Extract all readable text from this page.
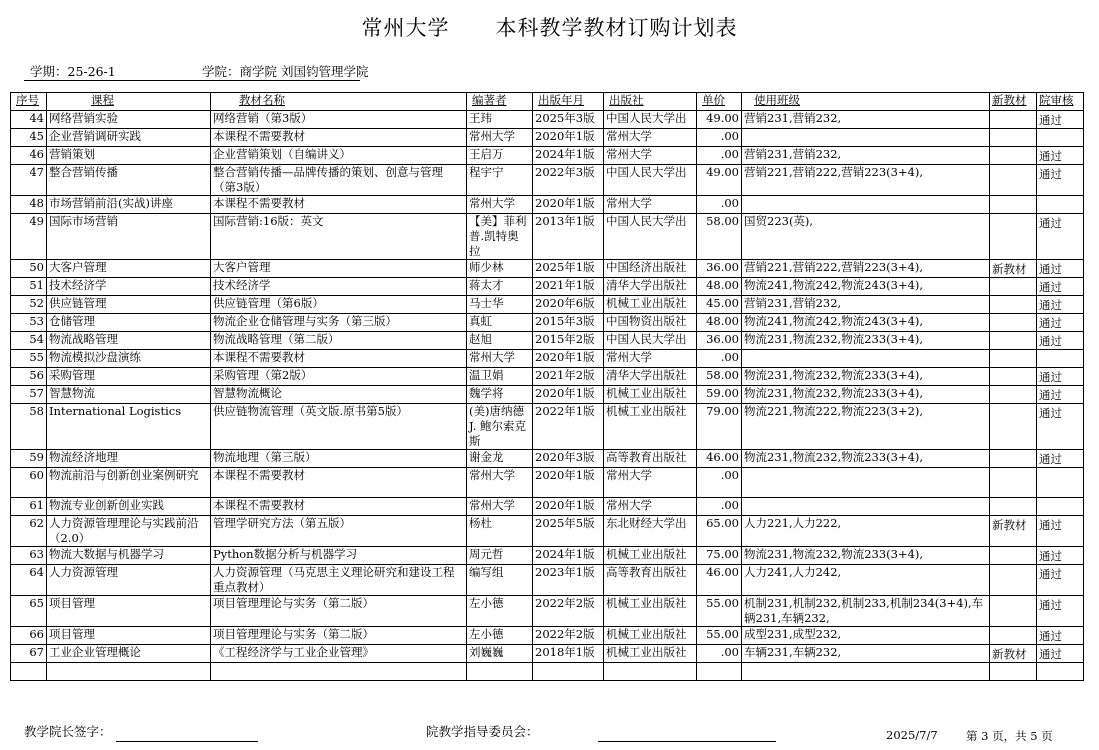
常州大学 本科教学教材订购计划表
学期：25-26-1	学院：商学院 刘国钧管理学院
序号	课程	教材名称	编著者	出版年月	出版社	单价	使用班级	新教材	院审核
44	网络营销实验	网络营销（第3版）	王玮	2025年3版	中国人民大学出	49.00	营销231,营销232,		通过
45	企业营销调研实践	本课程不需要教材	常州大学	2020年1版	常州大学	.00			
46	营销策划	企业营销策划（自编讲义）	王启万	2024年1版	常州大学	.00	营销231,营销232,		通过
47	整合营销传播	整合营销传播—品牌传播的策划、创意与管理（第3版）	程宇宁	2022年3版	中国人民大学出	49.00	营销221,营销222,营销223(3+4),		通过
48	市场营销前沿(实战)讲座	本课程不需要教材	常州大学	2020年1版	常州大学	.00			
49	国际市场营销	国际营销:16版：英文	【美】菲利普.凯特奥拉	2013年1版	中国人民大学出	58.00	国贸223(英),		通过
50	大客户管理	大客户管理	师少林	2025年1版	中国经济出版社	36.00	营销221,营销222,营销223(3+4),	新教材	通过
51	技术经济学	技术经济学	蒋太才	2021年1版	清华大学出版社	48.00	物流241,物流242,物流243(3+4),		通过
52	供应链管理	供应链管理（第6版）	马士华	2020年6版	机械工业出版社	45.00	营销231,营销232,		通过
53	仓储管理	物流企业仓储管理与实务（第三版）	真虹	2015年3版	中国物资出版社	48.00	物流241,物流242,物流243(3+4),		通过
54	物流战略管理	物流战略管理（第二版）	赵旭	2015年2版	中国人民大学出	36.00	物流231,物流232,物流233(3+4),		通过
55	物流模拟沙盘演练	本课程不需要教材	常州大学	2020年1版	常州大学	.00			
56	采购管理	采购管理（第2版）	温卫娟	2021年2版	清华大学出版社	58.00	物流231,物流232,物流233(3+4),		通过
57	智慧物流	智慧物流概论	魏学将	2020年1版	机械工业出版社	59.00	物流231,物流232,物流233(3+4),		通过
58	International Logistics	供应链物流管理（英文版.原书第5版）	(美)唐纳德 J. 鲍尔索克斯	2022年1版	机械工业出版社	79.00	物流221,物流222,物流223(3+2),		通过
59	物流经济地理	物流地理（第三版）	谢金龙	2020年3版	高等教育出版社	46.00	物流231,物流232,物流233(3+4),		通过
60	物流前沿与创新创业案例研究	本课程不需要教材	常州大学	2020年1版	常州大学	.00			
61	物流专业创新创业实践	本课程不需要教材	常州大学	2020年1版	常州大学	.00			
62	人力资源管理理论与实践前沿（2.0）	管理学研究方法（第五版）	杨杜	2025年5版	东北财经大学出	65.00	人力221,人力222,	新教材	通过
63	物流大数据与机器学习	Python数据分析与机器学习	周元哲	2024年1版	机械工业出版社	75.00	物流231,物流232,物流233(3+4),		通过
64	人力资源管理	人力资源管理（马克思主义理论研究和建设工程重点教材）	编写组	2023年1版	高等教育出版社	46.00	人力241,人力242,		通过
65	项目管理	项目管理理论与实务（第二版）	左小德	2022年2版	机械工业出版社	55.00	机制231,机制232,机制233,机制234(3+4),车辆231,车辆232,		通过
66	项目管理	项目管理理论与实务（第二版）	左小德	2022年2版	机械工业出版社	55.00	成型231,成型232,		通过
67	工业企业管理概论	《工程经济学与工业企业管理》	刘巍巍	2018年1版	机械工业出版社	.00	车辆231,车辆232,	新教材	通过

教学院长签字：	院教学指导委员会：	2025/7/7 第 3 页，共 5 页
